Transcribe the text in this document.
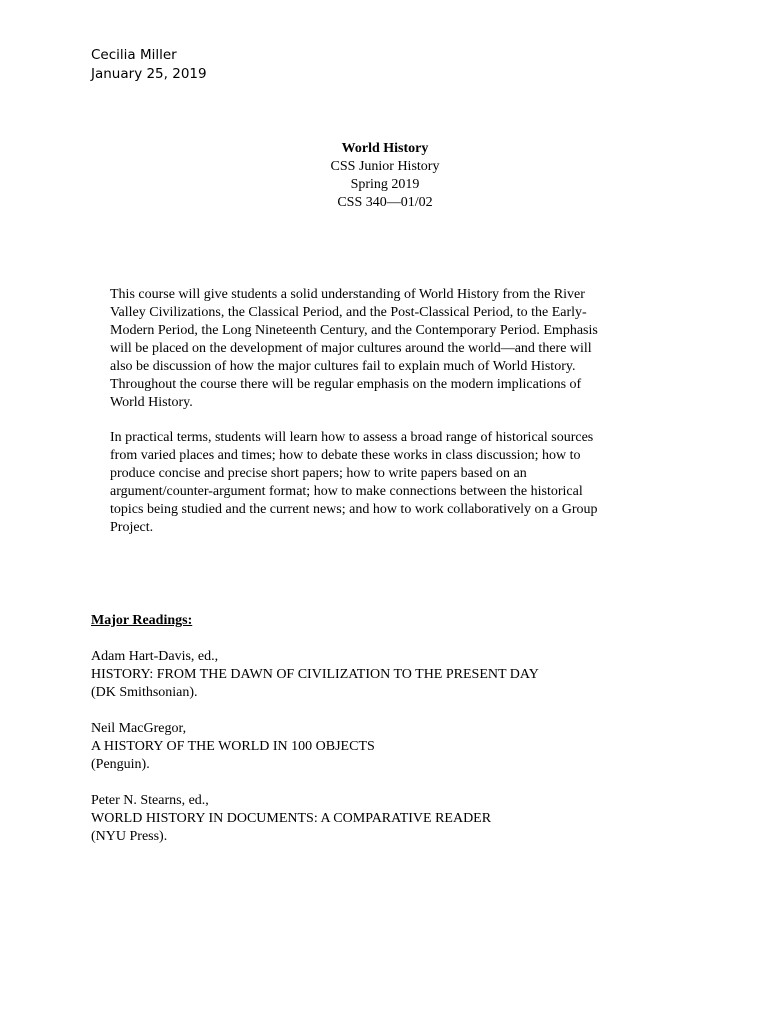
Cecilia Miller
January 25, 2019
World History
CSS Junior History
Spring 2019
CSS 340—01/02

This course will give students a solid understanding of World History from the River Valley Civilizations, the Classical Period, and the Post-Classical Period, to the Early-Modern Period, the Long Nineteenth Century, and the Contemporary Period. Emphasis will be placed on the development of major cultures around the world—and there will also be discussion of how the major cultures fail to explain much of World History. Throughout the course there will be regular emphasis on the modern implications of World History.

In practical terms, students will learn how to assess a broad range of historical sources from varied places and times; how to debate these works in class discussion; how to produce concise and precise short papers; how to write papers based on an argument/counter-argument format; how to make connections between the historical topics being studied and the current news; and how to work collaboratively on a Group Project.

Major Readings:
Adam Hart-Davis, ed.,
HISTORY: FROM THE DAWN OF CIVILIZATION TO THE PRESENT DAY
(DK Smithsonian).
Neil MacGregor,
A HISTORY OF THE WORLD IN 100 OBJECTS
(Penguin).
Peter N. Stearns, ed.,
WORLD HISTORY IN DOCUMENTS: A COMPARATIVE READER
(NYU Press).
